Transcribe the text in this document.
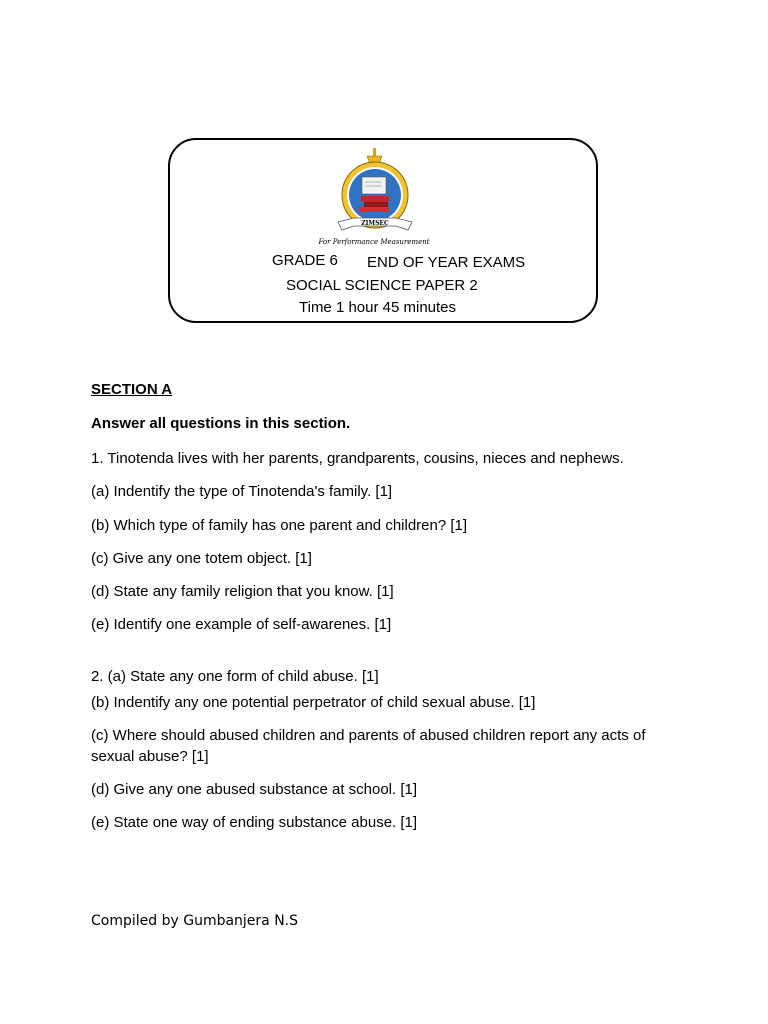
ZIMSEC
For Performance Measurement
GRADE 6 END OF YEAR EXAMS
SOCIAL SCIENCE PAPER 2
Time 1 hour 45 minutes
SECTION A
Answer all questions in this section.
1. Tinotenda lives with her parents, grandparents, cousins, nieces and nephews.
(a) Indentify the type of Tinotenda's family. [1]
(b) Which type of family has one parent and children? [1]
(c) Give any one totem object. [1]
(d) State any family religion that you know. [1]
(e) Identify one example of self-awarenes. [1]
2. (a) State any one form of child abuse. [1]
(b) Indentify any one potential perpetrator of child sexual abuse. [1]
(c) Where should abused children and parents of abused children report any acts of sexual abuse? [1]
(d) Give any one abused substance at school. [1]
(e) State one way of ending substance abuse. [1]
Compiled by Gumbanjera N.S
